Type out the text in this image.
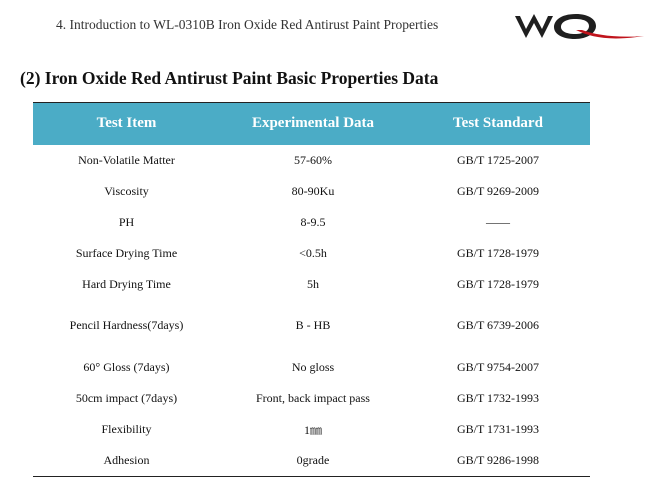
4. Introduction to WL-0310B Iron Oxide Red Antirust Paint Properties
(2) Iron Oxide Red Antirust Paint Basic Properties Data
Test Item	Experimental Data	Test Standard
Non-Volatile Matter	57-60%	GB/T 1725-2007
Viscosity	80-90Ku	GB/T 9269-2009
PH	8-9.5	——
Surface Drying Time	<0.5h	GB/T 1728-1979
Hard Drying Time	5h	GB/T 1728-1979
Pencil Hardness(7days)	B - HB	GB/T 6739-2006
60° Gloss (7days)	No gloss	GB/T 9754-2007
50cm impact (7days)	Front, back impact pass	GB/T 1732-1993
Flexibility	1㎜	GB/T 1731-1993
Adhesion	0grade	GB/T 9286-1998
